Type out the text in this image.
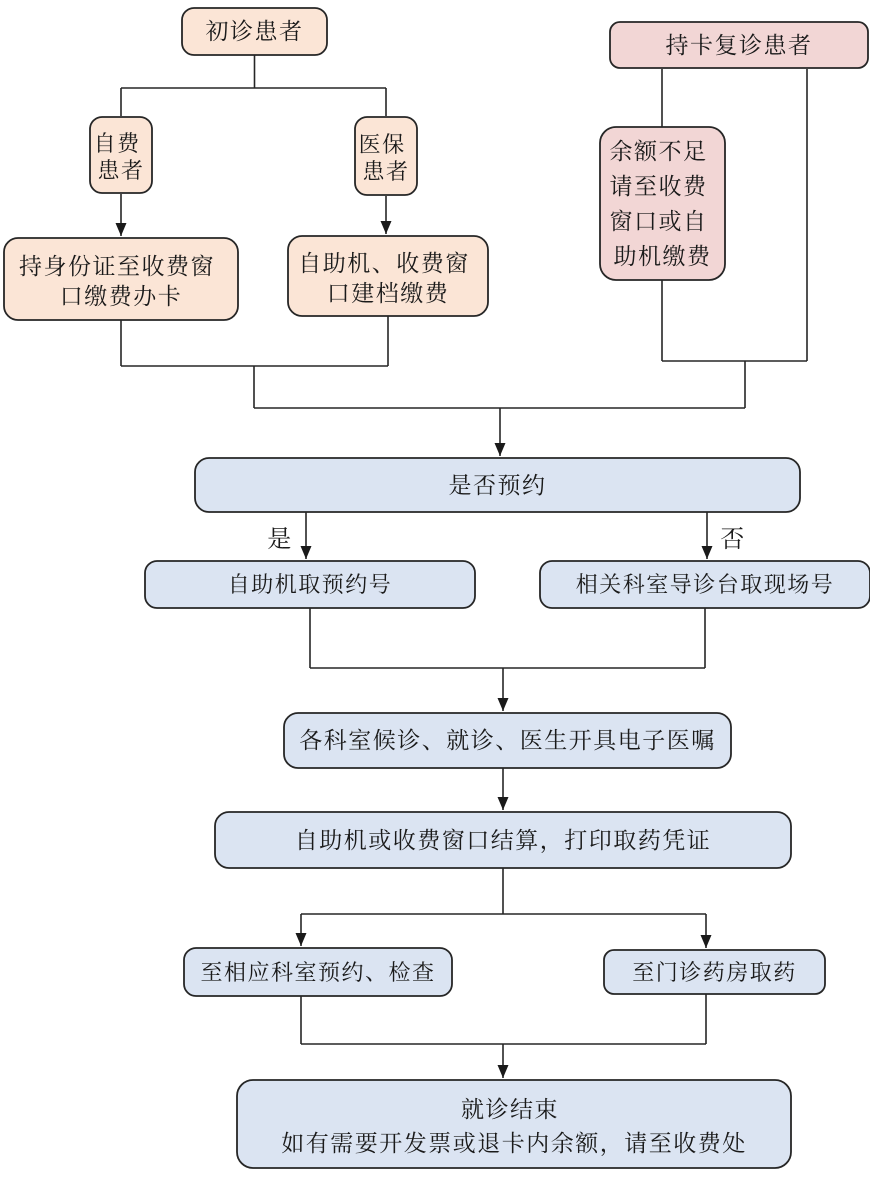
是	否
初诊患者
持卡复诊患者
自费 患者
医保 患者
持身份证至收费窗 口缴费办卡
自助机、收费窗 口建档缴费
余额不足 请至收费 窗口或自 助机缴费
是否预约
自助机取预约号	相关科室导诊台取现场号
各科室候诊、就诊、医生开具电子医嘱
自助机或收费窗口结算，打印取药凭证
至相应科室预约、检查	至门诊药房取药
就诊结束 如有需要开发票或退卡内余额，请至收费处
